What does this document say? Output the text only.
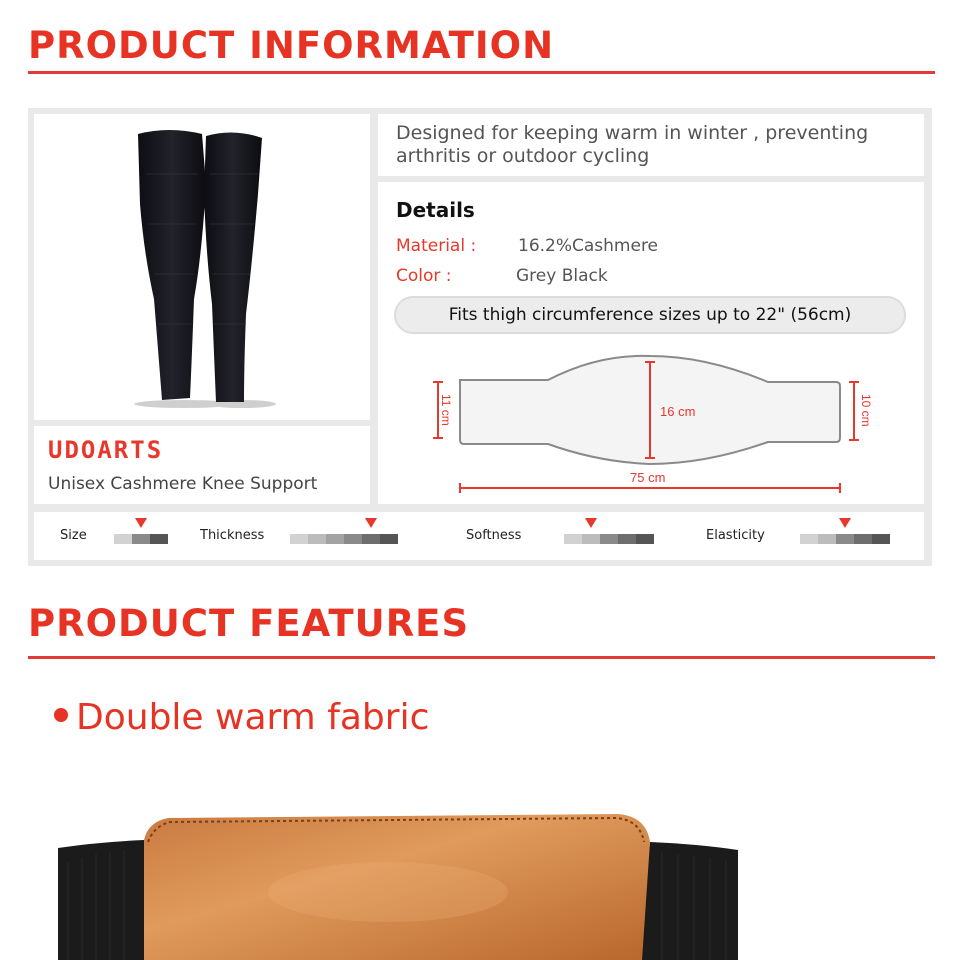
PRODUCT INFORMATION
UDOARTS
Unisex Cashmere Knee Support
Designed for keeping warm in winter , preventing arthritis or outdoor cycling
Details
Material : 16.2%Cashmere
Color :	Grey Black
Fits thigh circumference sizes up to 22" (56cm)
11 cm	16 cm	10 cm
75 cm
Size	Thickness	Softness	Elasticity
PRODUCT FEATURES
Double warm fabric
